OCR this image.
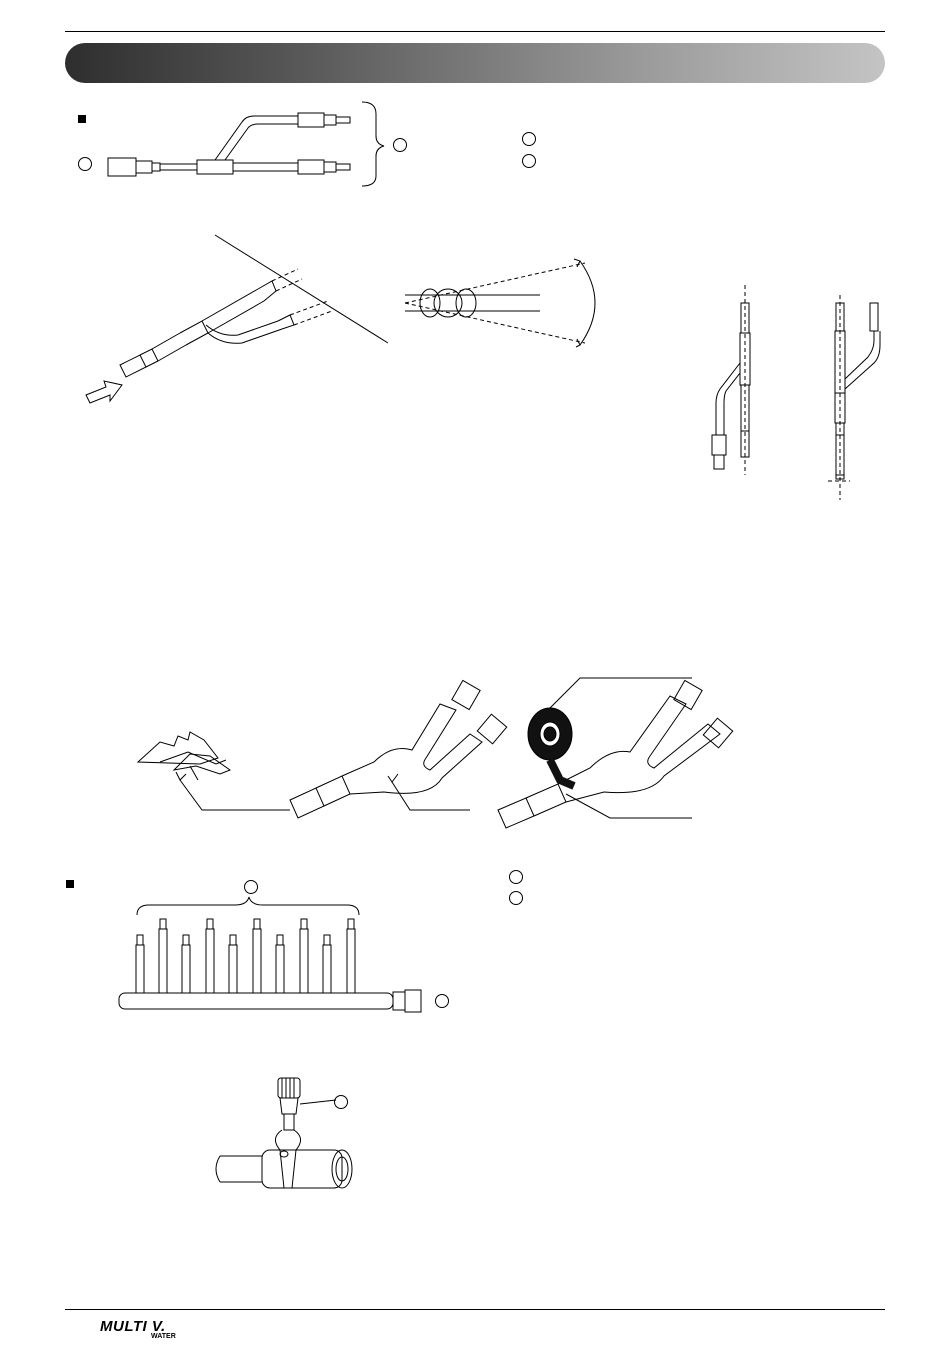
MULTI V.
WATER
